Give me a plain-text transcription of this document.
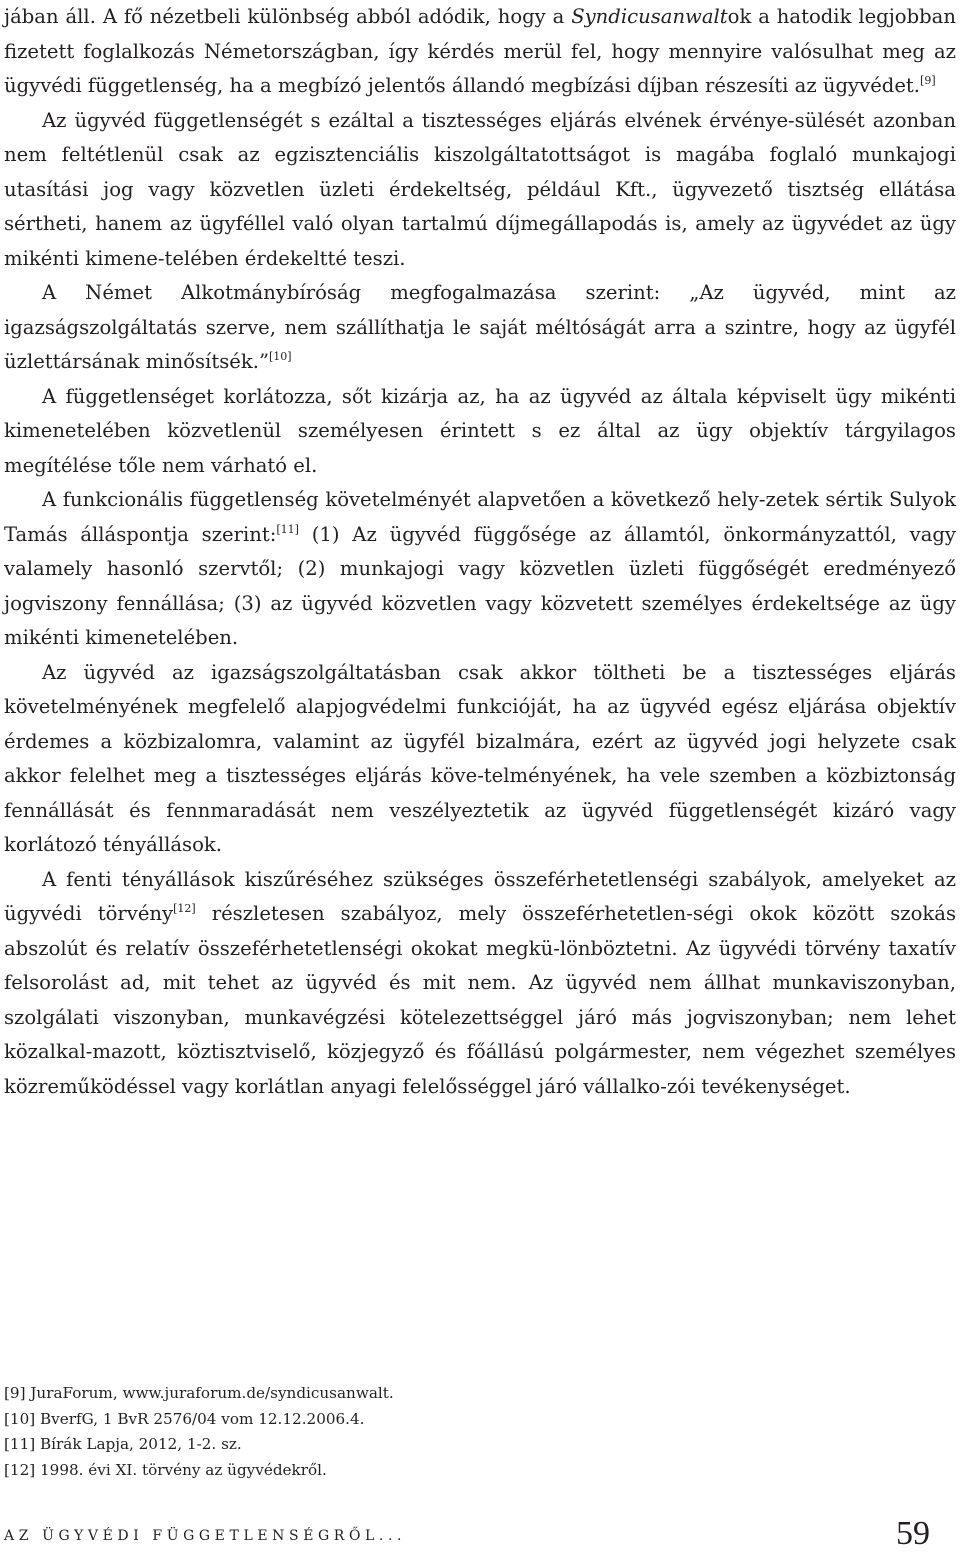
jában áll. A fő nézetbeli különbség abból adódik, hogy a Syndicusanwaltok a hatodik legjobban fizetett foglalkozás Németországban, így kérdés merül fel, hogy mennyire valósulhat meg az ügyvédi függetlenség, ha a megbízó jelentős állandó megbízási díjban részesíti az ügyvédet.[9]

Az ügyvéd függetlenségét s ezáltal a tisztességes eljárás elvének érvénye-sülését azonban nem feltétlenül csak az egzisztenciális kiszolgáltatottságot is magába foglaló munkajogi utasítási jog vagy közvetlen üzleti érdekeltség, például Kft., ügyvezető tisztség ellátása sértheti, hanem az ügyféllel való olyan tartalmú díjmegállapodás is, amely az ügyvédet az ügy mikénti kimene-telében érdekeltté teszi.

A Német Alkotmánybíróság megfogalmazása szerint: „Az ügyvéd, mint az igazságszolgáltatás szerve, nem szállíthatja le saját méltóságát arra a szintre, hogy az ügyfél üzlettársának minősítsék.”[10]

A függetlenséget korlátozza, sőt kizárja az, ha az ügyvéd az általa képviselt ügy mikénti kimenetelében közvetlenül személyesen érintett s ez által az ügy objektív tárgyilagos megítélése tőle nem várható el.

A funkcionális függetlenség követelményét alapvetően a következő hely-zetek sértik Sulyok Tamás álláspontja szerint:[11] (1) Az ügyvéd függősége az államtól, önkormányzattól, vagy valamely hasonló szervtől; (2) munkajogi vagy közvetlen üzleti függőségét eredményező jogviszony fennállása; (3) az ügyvéd közvetlen vagy közvetett személyes érdekeltsége az ügy mikénti kimenetelében.

Az ügyvéd az igazságszolgáltatásban csak akkor töltheti be a tisztességes eljárás követelményének megfelelő alapjogvédelmi funkcióját, ha az ügyvéd egész eljárása objektív érdemes a közbizalomra, valamint az ügyfél bizalmára, ezért az ügyvéd jogi helyzete csak akkor felelhet meg a tisztességes eljárás köve-telményének, ha vele szemben a közbiztonság fennállását és fennmaradását nem veszélyeztetik az ügyvéd függetlenségét kizáró vagy korlátozó tényállások.

A fenti tényállások kiszűréséhez szükséges összeférhetetlenségi szabályok, amelyeket az ügyvédi törvény[12] részletesen szabályoz, mely összeférhetetlen-ségi okok között szokás abszolút és relatív összeférhetetlenségi okokat megkü-lönböztetni. Az ügyvédi törvény taxatív felsorolást ad, mit tehet az ügyvéd és mit nem. Az ügyvéd nem állhat munkaviszonyban, szolgálati viszonyban, munkavégzési kötelezettséggel járó más jogviszonyban; nem lehet közalkal-mazott, köztisztviselő, közjegyző és főállású polgármester, nem végezhet személyes közreműködéssel vagy korlátlan anyagi felelősséggel járó vállalko-zói tevékenységet.

[9] JuraForum, www.juraforum.de/syndicusanwalt.
[10] BverfG, 1 BvR 2576/04 vom 12.12.2006.4.
[11] Bírák Lapja, 2012, 1-2. sz.
[12] 1998. évi XI. törvény az ügyvédekről.
AZ ÜGYVÉDI FÜGGETLENSÉGRŐL...	59
